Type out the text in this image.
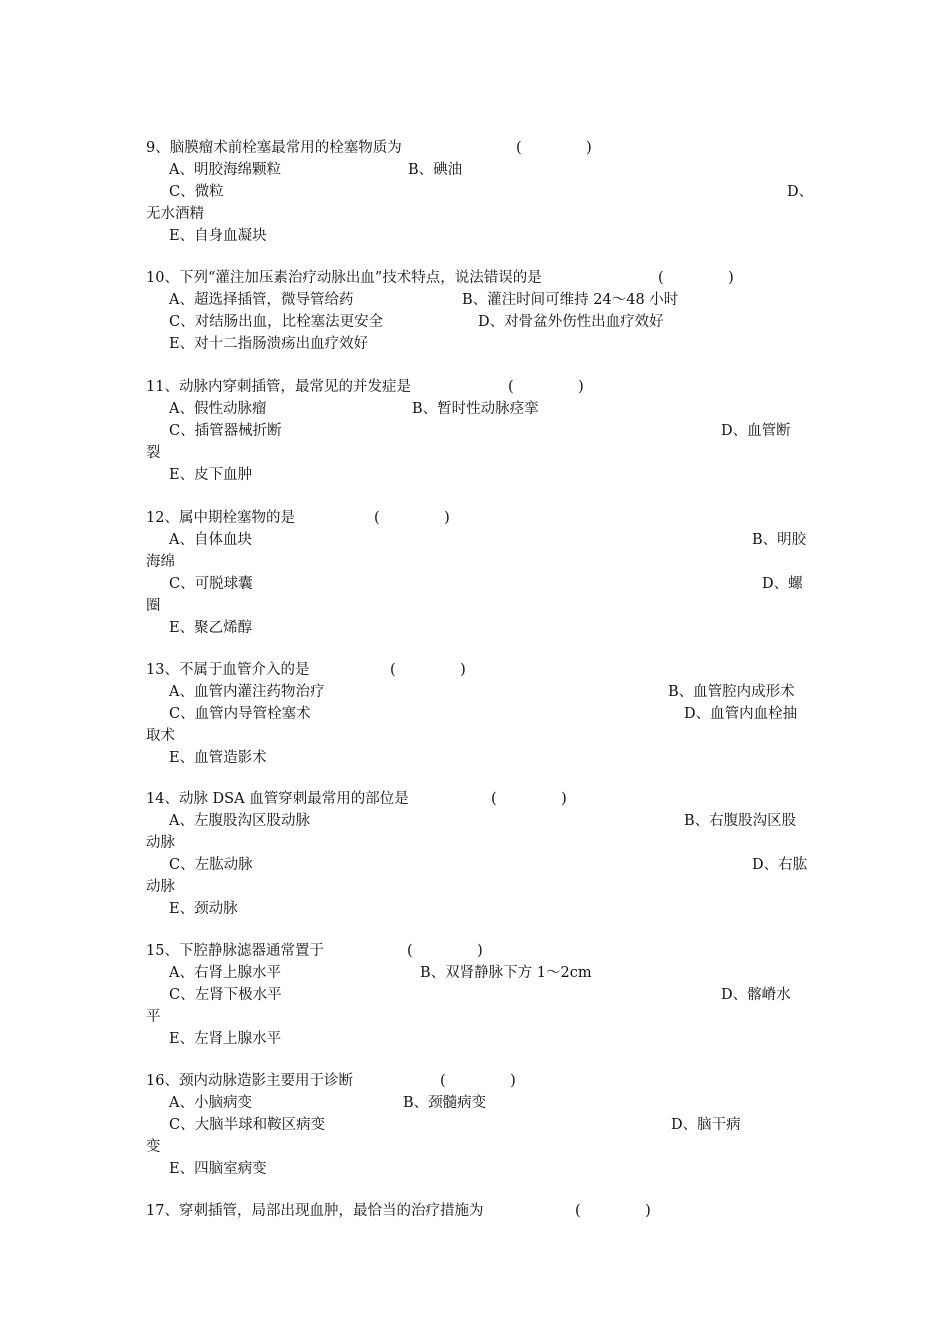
9、脑膜瘤术前栓塞最常用的栓塞物质为	(              )
A、明胶海绵颗粒	B、碘油
C、微粒	D、
无水酒精
E、自身血凝块
10、下列“灌注加压素治疗动脉出血”技术特点，说法错误的是	(              )
A、超选择插管，微导管给药	B、灌注时间可维持 24～48 小时
C、对结肠出血，比栓塞法更安全	D、对骨盆外伤性出血疗效好
E、对十二指肠溃疡出血疗效好
11、动脉内穿刺插管，最常见的并发症是	(              )
A、假性动脉瘤	B、暂时性动脉痉挛
C、插管器械折断	D、血管断
裂
E、皮下血肿
12、属中期栓塞物的是	(              )
A、自体血块	B、明胶
海绵
C、可脱球囊	D、螺
圈
E、聚乙烯醇
13、不属于血管介入的是	(              )
A、血管内灌注药物治疗	B、血管腔内成形术
C、血管内导管栓塞术	D、血管内血栓抽
取术
E、血管造影术
14、动脉 DSA 血管穿刺最常用的部位是	(              )
A、左腹股沟区股动脉	B、右腹股沟区股
动脉
C、左肱动脉	D、右肱
动脉
E、颈动脉
15、下腔静脉滤器通常置于	(              )
A、右肾上腺水平	B、双肾静脉下方 1～2cm
C、左肾下极水平	D、髂嵴水
平
E、左肾上腺水平
16、颈内动脉造影主要用于诊断	(              )
A、小脑病变	B、颈髓病变
C、大脑半球和鞍区病变	D、脑干病
变
E、四脑室病变
17、穿刺插管，局部出现血肿，最恰当的治疗措施为	(              )
